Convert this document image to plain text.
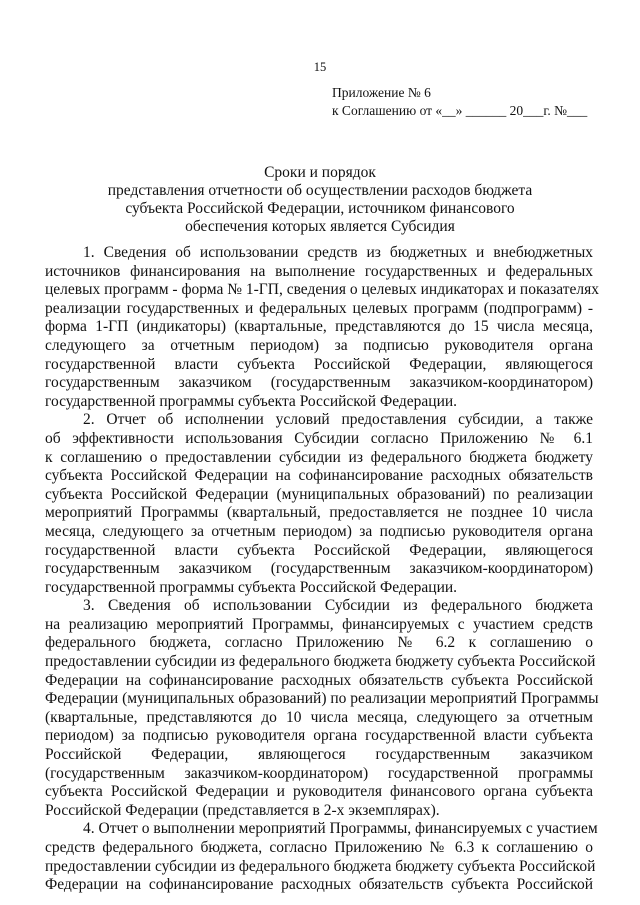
15
Приложение № 6
к Соглашению от «__» ______ 20___г. №___
Сроки и порядок
представления отчетности об осуществлении расходов бюджета
субъекта Российской Федерации, источником финансового
обеспечения которых является Субсидия
1. Сведения об использовании средств из бюджетных и внебюджетных
источников финансирования на выполнение государственных и федеральных
целевых программ - форма № 1-ГП, сведения о целевых индикаторах и показателях
реализации государственных и федеральных целевых программ (подпрограмм) -
форма 1-ГП (индикаторы) (квартальные, представляются до 15 числа месяца,
следующего за отчетным периодом) за подписью руководителя органа
государственной власти субъекта Российской Федерации, являющегося
государственным заказчиком (государственным заказчиком-координатором)
государственной программы субъекта Российской Федерации.
2. Отчет об исполнении условий предоставления субсидии, а также
об эффективности использования Субсидии согласно Приложению № 6.1
к соглашению о предоставлении субсидии из федерального бюджета бюджету
субъекта Российской Федерации на софинансирование расходных обязательств
субъекта Российской Федерации (муниципальных образований) по реализации
мероприятий Программы (квартальный, предоставляется не позднее 10 числа
месяца, следующего за отчетным периодом) за подписью руководителя органа
государственной власти субъекта Российской Федерации, являющегося
государственным заказчиком (государственным заказчиком-координатором)
государственной программы субъекта Российской Федерации.
3. Сведения об использовании Субсидии из федерального бюджета
на реализацию мероприятий Программы, финансируемых с участием средств
федерального бюджета, согласно Приложению № 6.2 к соглашению о
предоставлении субсидии из федерального бюджета бюджету субъекта Российской
Федерации на софинансирование расходных обязательств субъекта Российской
Федерации (муниципальных образований) по реализации мероприятий Программы
(квартальные, представляются до 10 числа месяца, следующего за отчетным
периодом) за подписью руководителя органа государственной власти субъекта
Российской Федерации, являющегося государственным заказчиком
(государственным заказчиком-координатором) государственной программы
субъекта Российской Федерации и руководителя финансового органа субъекта
Российской Федерации (представляется в 2-х экземплярах).
4. Отчет о выполнении мероприятий Программы, финансируемых с участием
средств федерального бюджета, согласно Приложению № 6.3 к соглашению о
предоставлении субсидии из федерального бюджета бюджету субъекта Российской
Федерации на софинансирование расходных обязательств субъекта Российской
